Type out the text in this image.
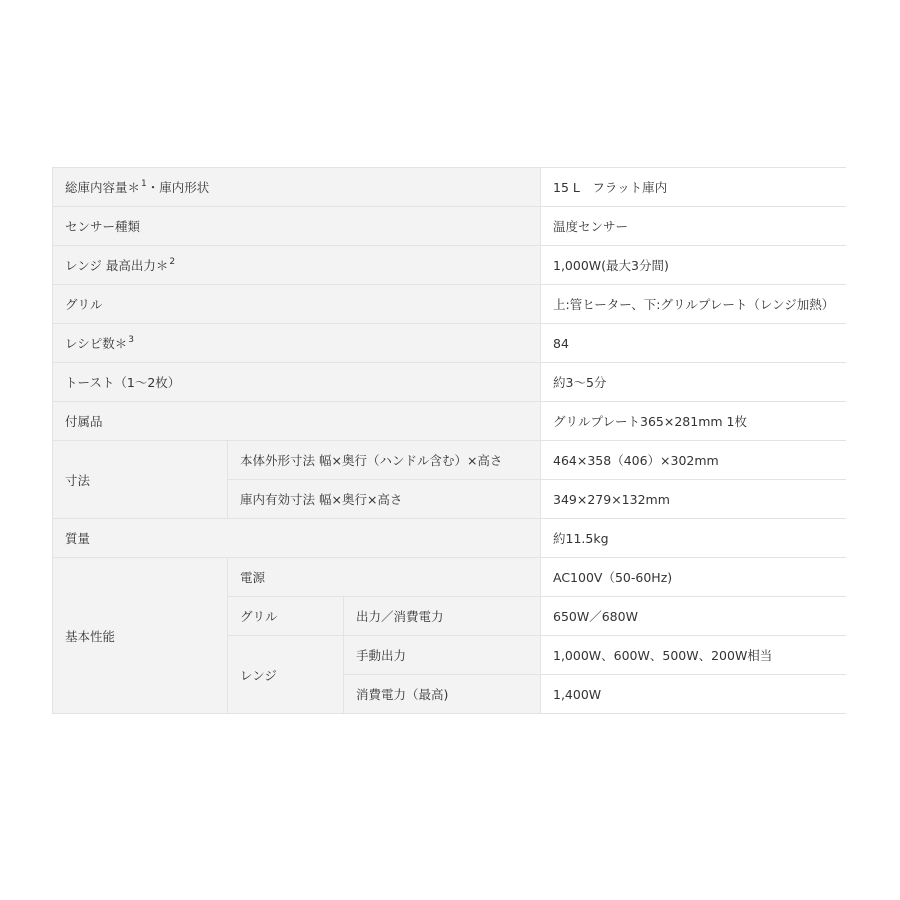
総庫内容量＊$^1$・庫内形状			15 L　フラット庫内
センサー種類			温度センサー
レンジ 最高出力＊$^2$			1,000W(最大3分間)
グリル			上:管ヒーター、下:グリルプレート（レンジ加熱）
レシピ数＊$^3$			84
トースト（1～2枚）			約3～5分
付属品			グリルプレート365×281mm 1枚
寸法	本体外形寸法 幅×奥行（ハンドル含む）×高さ		464×358（406）×302mm
	庫内有効寸法 幅×奥行×高さ		349×279×132mm
質量			約11.5kg
基本性能	電源		AC100V（50-60Hz)
	グリル	出力／消費電力	650W／680W
	レンジ	手動出力	1,000W、600W、500W、200W相当
		消費電力（最高)	1,400W
